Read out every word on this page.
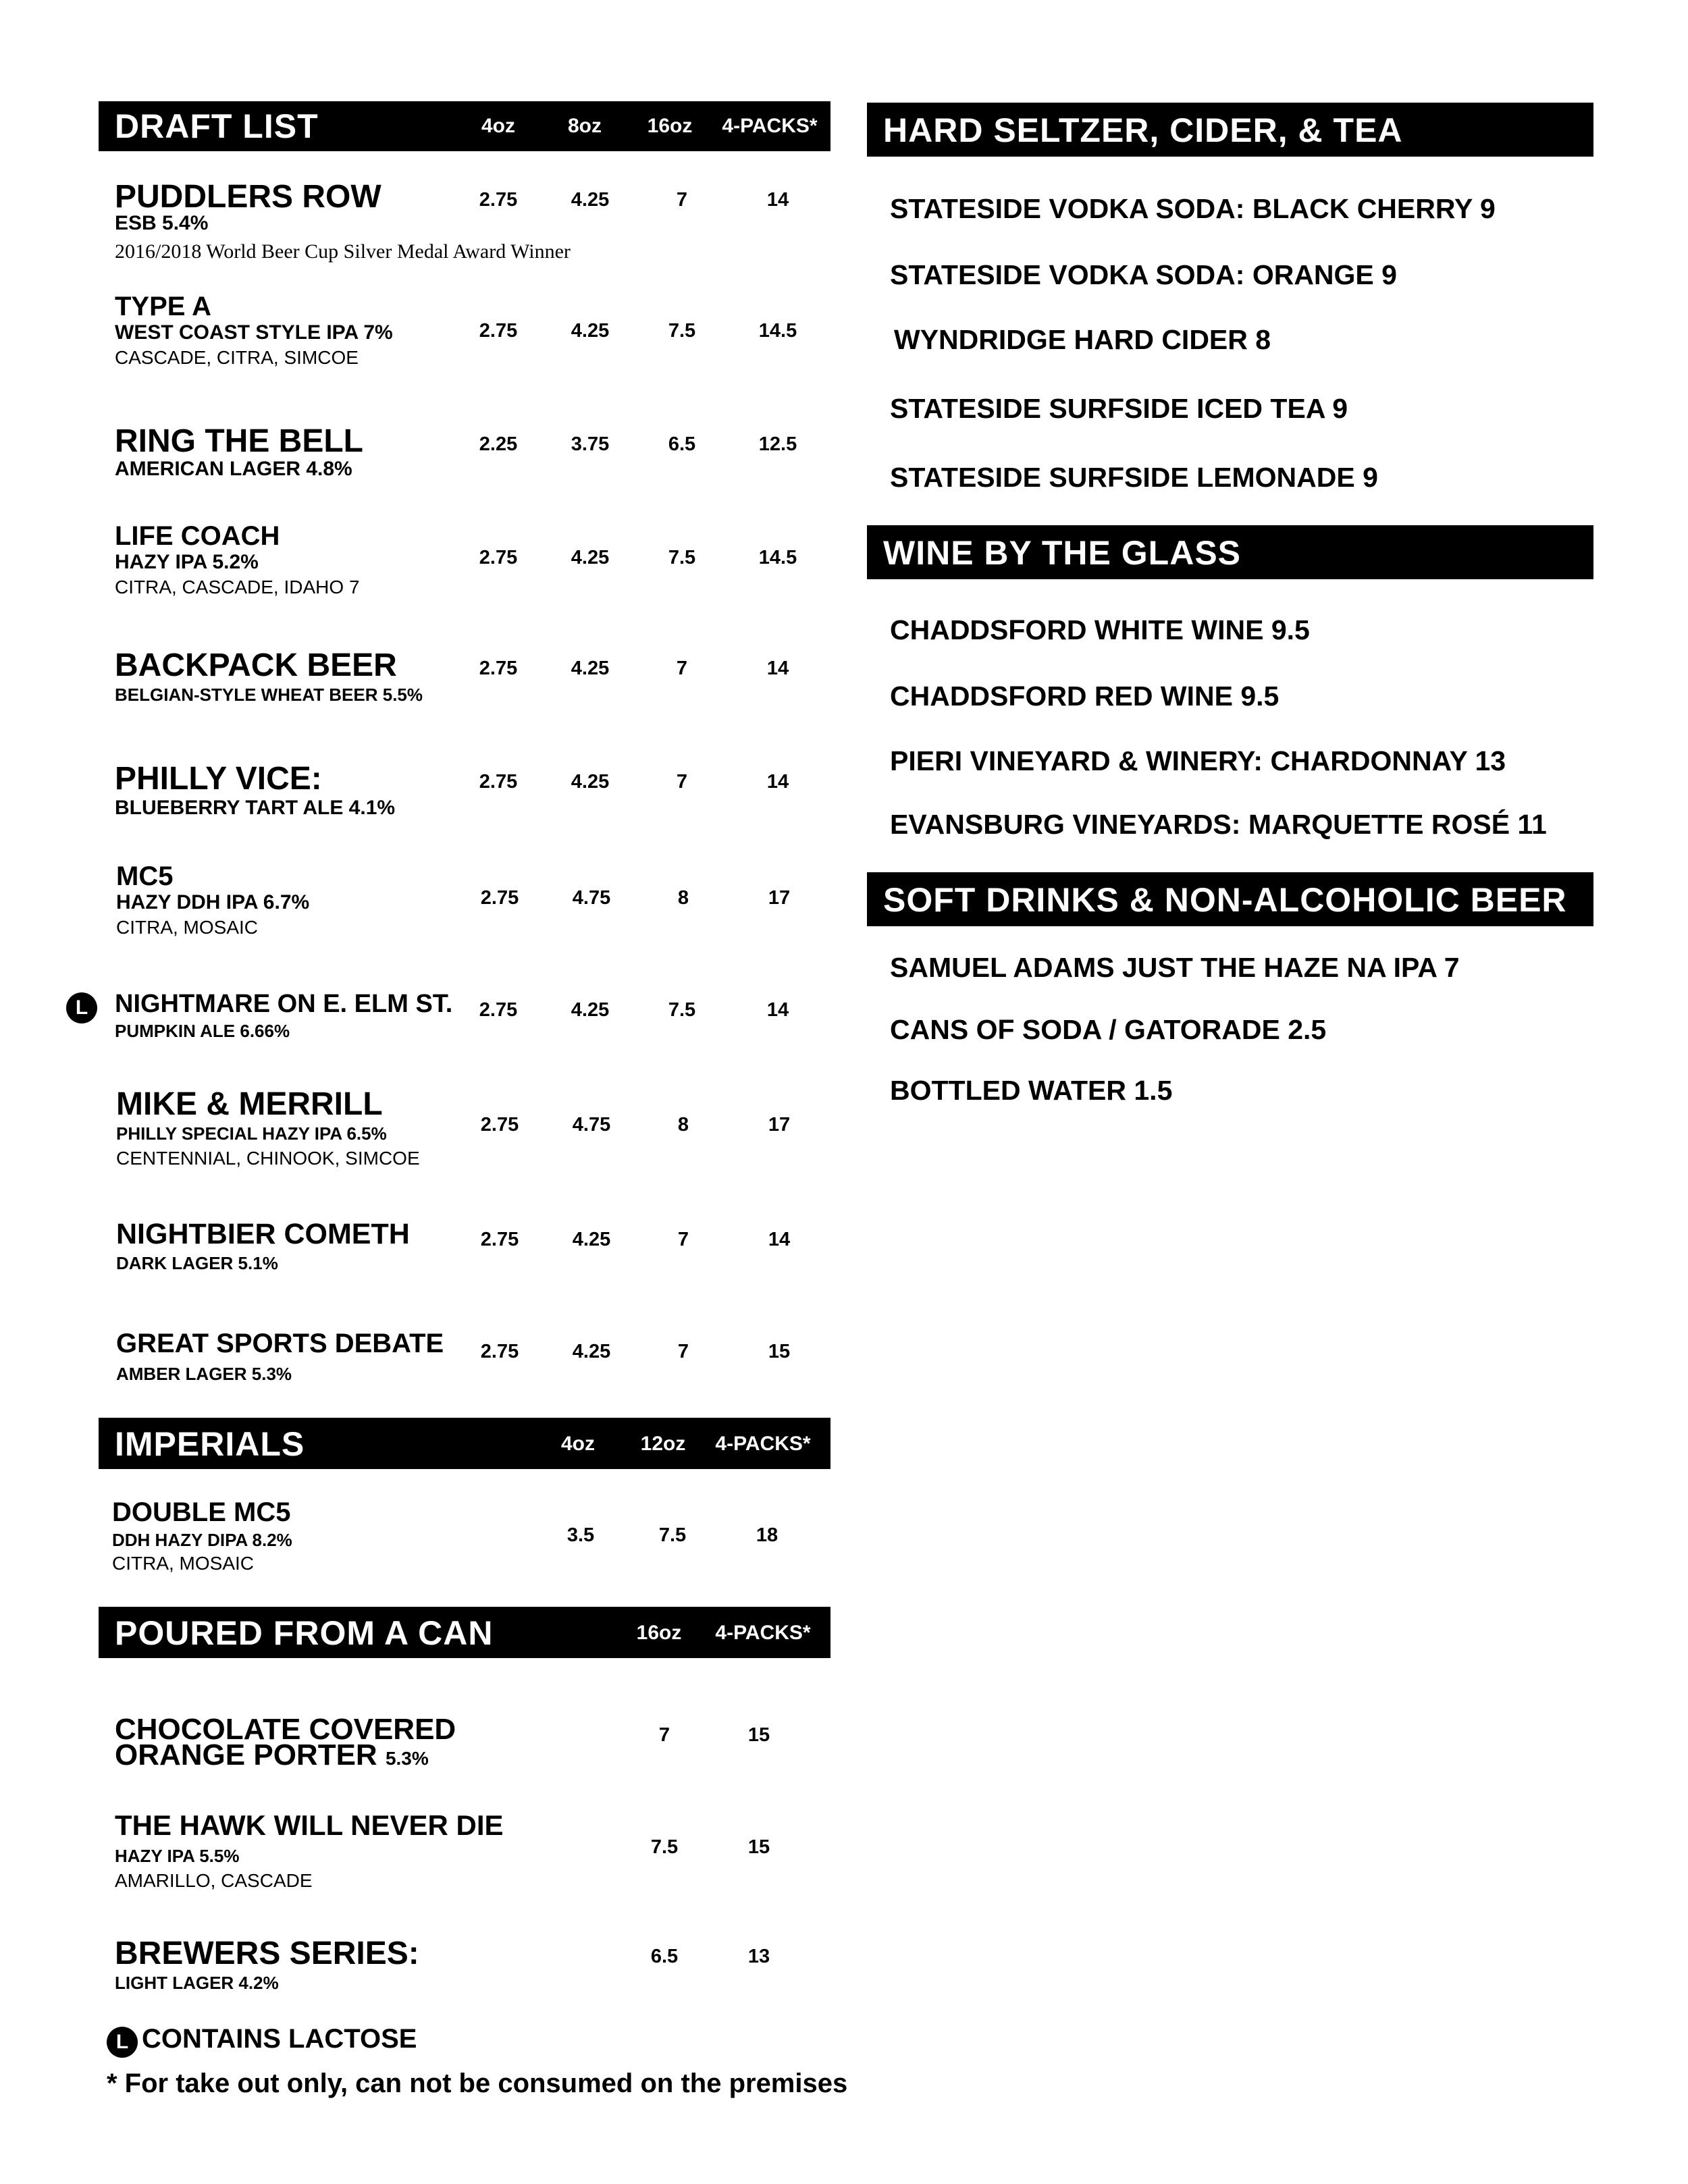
DRAFT LIST	4oz	8oz 16oz 4-PACKS*
PUDDLERS ROW
ESB 5.4%
2016/2018 World Beer Cup Silver Medal Award Winner
2.75	4.25	7	14
TYPE A
WEST COAST STYLE IPA 7%
CASCADE, CITRA, SIMCOE
2.75	4.25	7.5	14.5
RING THE BELL
AMERICAN LAGER 4.8%
2.25	3.75	6.5	12.5
LIFE COACH
HAZY IPA 5.2%
CITRA, CASCADE, IDAHO 7
2.75	4.25	7.5	14.5
BACKPACK BEER
BELGIAN-STYLE WHEAT BEER 5.5%
2.75	4.25	7	14
PHILLY VICE:
BLUEBERRY TART ALE 4.1%
2.75	4.25	7	14
MC5
HAZY DDH IPA 6.7%
CITRA, MOSAIC
2.75	4.75	8	17
L	NIGHTMARE ON E. ELM ST.
PUMPKIN ALE 6.66%
2.75	4.25	7.5	14
MIKE & MERRILL
PHILLY SPECIAL HAZY IPA 6.5%
CENTENNIAL, CHINOOK, SIMCOE
2.75	4.75	8	17
NIGHTBIER COMETH
DARK LAGER 5.1%
2.75	4.25	7	14
GREAT SPORTS DEBATE
AMBER LAGER 5.3%
2.75	4.25	7	15
IMPERIALS	4oz 12oz 4-PACKS*
DOUBLE MC5
DDH HAZY DIPA 8.2%
CITRA, MOSAIC
3.5	7.5	18
POURED FROM A CAN	16oz 4-PACKS*
CHOCOLATE COVERED
ORANGE PORTER 5.3%
7	15
THE HAWK WILL NEVER DIE
HAZY IPA 5.5%
AMARILLO, CASCADE
7.5	15
BREWERS SERIES:
LIGHT LAGER 4.2%
6.5	13
L CONTAINS LACTOSE
* For take out only, can not be consumed on the premises
HARD SELTZER, CIDER, & TEA
STATESIDE VODKA SODA: BLACK CHERRY 9
STATESIDE VODKA SODA: ORANGE 9
WYNDRIDGE HARD CIDER 8
STATESIDE SURFSIDE ICED TEA 9
STATESIDE SURFSIDE LEMONADE 9
WINE BY THE GLASS
CHADDSFORD WHITE WINE 9.5
CHADDSFORD RED WINE 9.5
PIERI VINEYARD & WINERY: CHARDONNAY 13
EVANSBURG VINEYARDS: MARQUETTE ROSÉ 11
SOFT DRINKS & NON-ALCOHOLIC BEER
SAMUEL ADAMS JUST THE HAZE NA IPA 7
CANS OF SODA / GATORADE 2.5
BOTTLED WATER 1.5
